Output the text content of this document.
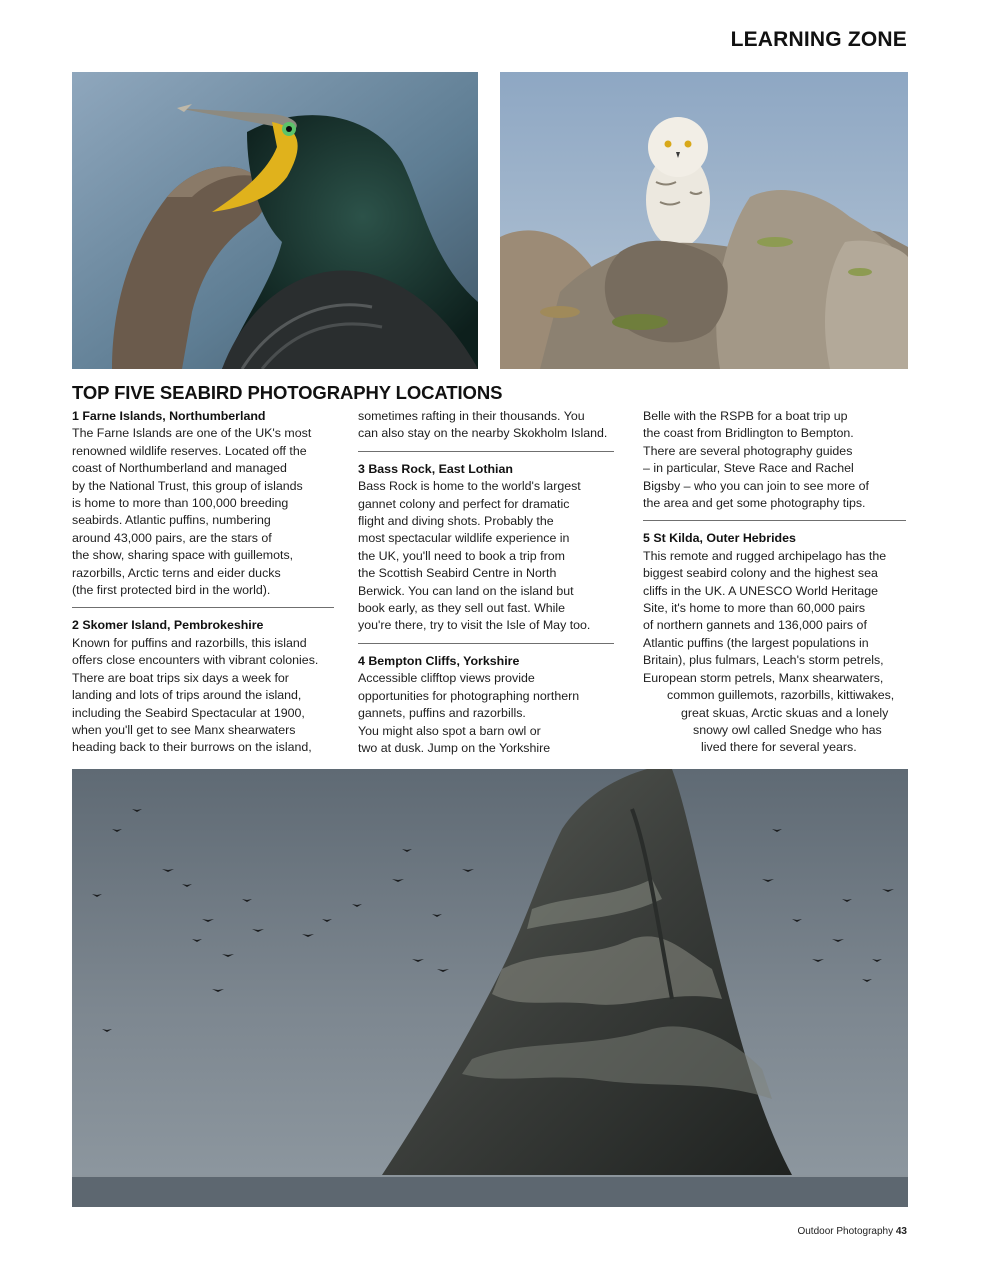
LEARNING ZONE
TOP FIVE SEABIRD PHOTOGRAPHY LOCATIONS
1 Farne Islands, Northumberland

The Farne Islands are one of the UK's most
renowned wildlife reserves. Located off the
coast of Northumberland and managed
by the National Trust, this group of islands
is home to more than 100,000 breeding
seabirds. Atlantic puffins, numbering
around 43,000 pairs, are the stars of
the show, sharing space with guillemots,
razorbills, Arctic terns and eider ducks
(the first protected bird in the world).

2 Skomer Island, Pembrokeshire

Known for puffins and razorbills, this island
offers close encounters with vibrant colonies.
There are boat trips six days a week for
landing and lots of trips around the island,
including the Seabird Spectacular at 1900,
when you'll get to see Manx shearwaters
heading back to their burrows on the island,

sometimes rafting in their thousands. You
can also stay on the nearby Skokholm Island.

3 Bass Rock, East Lothian

Bass Rock is home to the world's largest
gannet colony and perfect for dramatic
flight and diving shots. Probably the
most spectacular wildlife experience in
the UK, you'll need to book a trip from
the Scottish Seabird Centre in North
Berwick. You can land on the island but
book early, as they sell out fast. While
you're there, try to visit the Isle of May too.

4 Bempton Cliffs, Yorkshire

Accessible clifftop views provide
opportunities for photographing northern
gannets, puffins and razorbills.
You might also spot a barn owl or
two at dusk. Jump on the Yorkshire

Belle with the RSPB for a boat trip up
the coast from Bridlington to Bempton.
There are several photography guides
– in particular, Steve Race and Rachel
Bigsby – who you can join to see more of
the area and get some photography tips.

5 St Kilda, Outer Hebrides

This remote and rugged archipelago has the
biggest seabird colony and the highest sea
cliffs in the UK. A UNESCO World Heritage
Site, it's home to more than 60,000 pairs
of northern gannets and 136,000 pairs of
Atlantic puffins (the largest populations in
Britain), plus fulmars, Leach's storm petrels,
European storm petrels, Manx shearwaters,
common guillemots, razorbills, kittiwakes,
great skuas, Arctic skuas and a lonely
snowy owl called Snedge who has
lived there for several years.

Outdoor Photography 43
